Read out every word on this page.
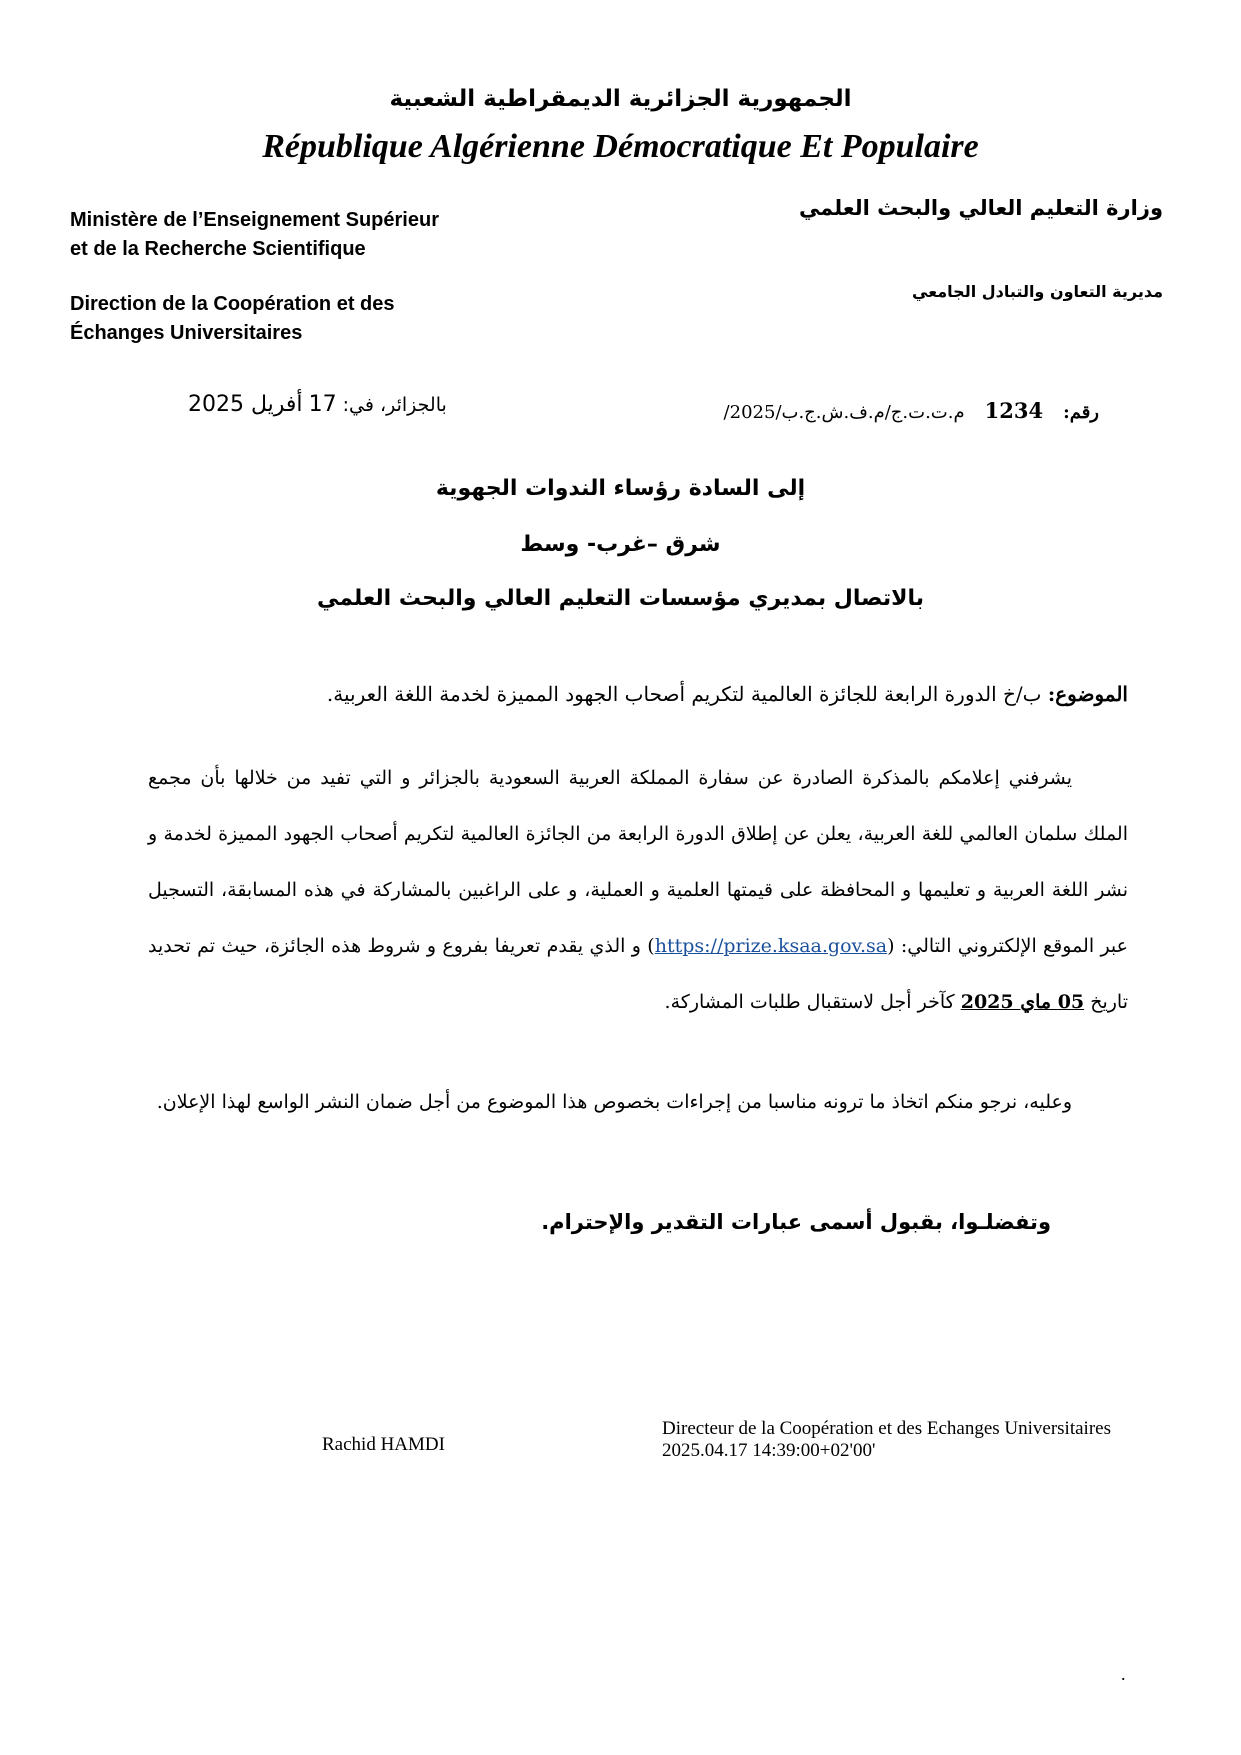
الجمهورية الجزائرية الديمقراطية الشعبية
République Algérienne Démocratique Et Populaire
Ministère de l’Enseignement Supérieur
et de la Recherche Scientifique
Direction de la Coopération et des
Échanges Universitaires
وزارة التعليم العالي والبحث العلمي
مديرية التعاون والتبادل الجامعي
رقم:
1234
/م.ت.ت.ج/م.ف.ش.ج.ب/2025
بالجزائر، في: 17 أفريل 2025
إلى السادة رؤساء الندوات الجهوية
شرق –غرب- وسط
بالاتصال بمديري مؤسسات التعليم العالي والبحث العلمي
الموضوع: ب/خ الدورة الرابعة للجائزة العالمية لتكريم أصحاب الجهود المميزة لخدمة اللغة العربية.
يشرفني إعلامكم بالمذكرة الصادرة عن سفارة المملكة العربية السعودية بالجزائر و التي تفيد من خلالها بأن مجمع الملك سلمان العالمي للغة العربية، يعلن عن إطلاق الدورة الرابعة من الجائزة العالمية لتكريم أصحاب الجهود المميزة لخدمة و نشر اللغة العربية و تعليمها و المحافظة على قيمتها العلمية و العملية، و على الراغبين بالمشاركة في هذه المسابقة، التسجيل عبر الموقع الإلكتروني التالي: (https://prize.ksaa.gov.sa) و الذي يقدم تعريفا بفروع و شروط هذه الجائزة، حيث تم تحديد تاريخ 05 ماي 2025 كآخر أجل لاستقبال طلبات المشاركة.
وعليه، نرجو منكم اتخاذ ما ترونه مناسبا من إجراءات بخصوص هذا الموضوع من أجل ضمان النشر الواسع لهذا الإعلان.
وتفضلـوا، بقبول أسمى عبارات التقدير والإحترام.
Rachid HAMDI
Directeur de la Coopération et des Echanges Universitaires
2025.04.17 14:39:00+02'00'
.
